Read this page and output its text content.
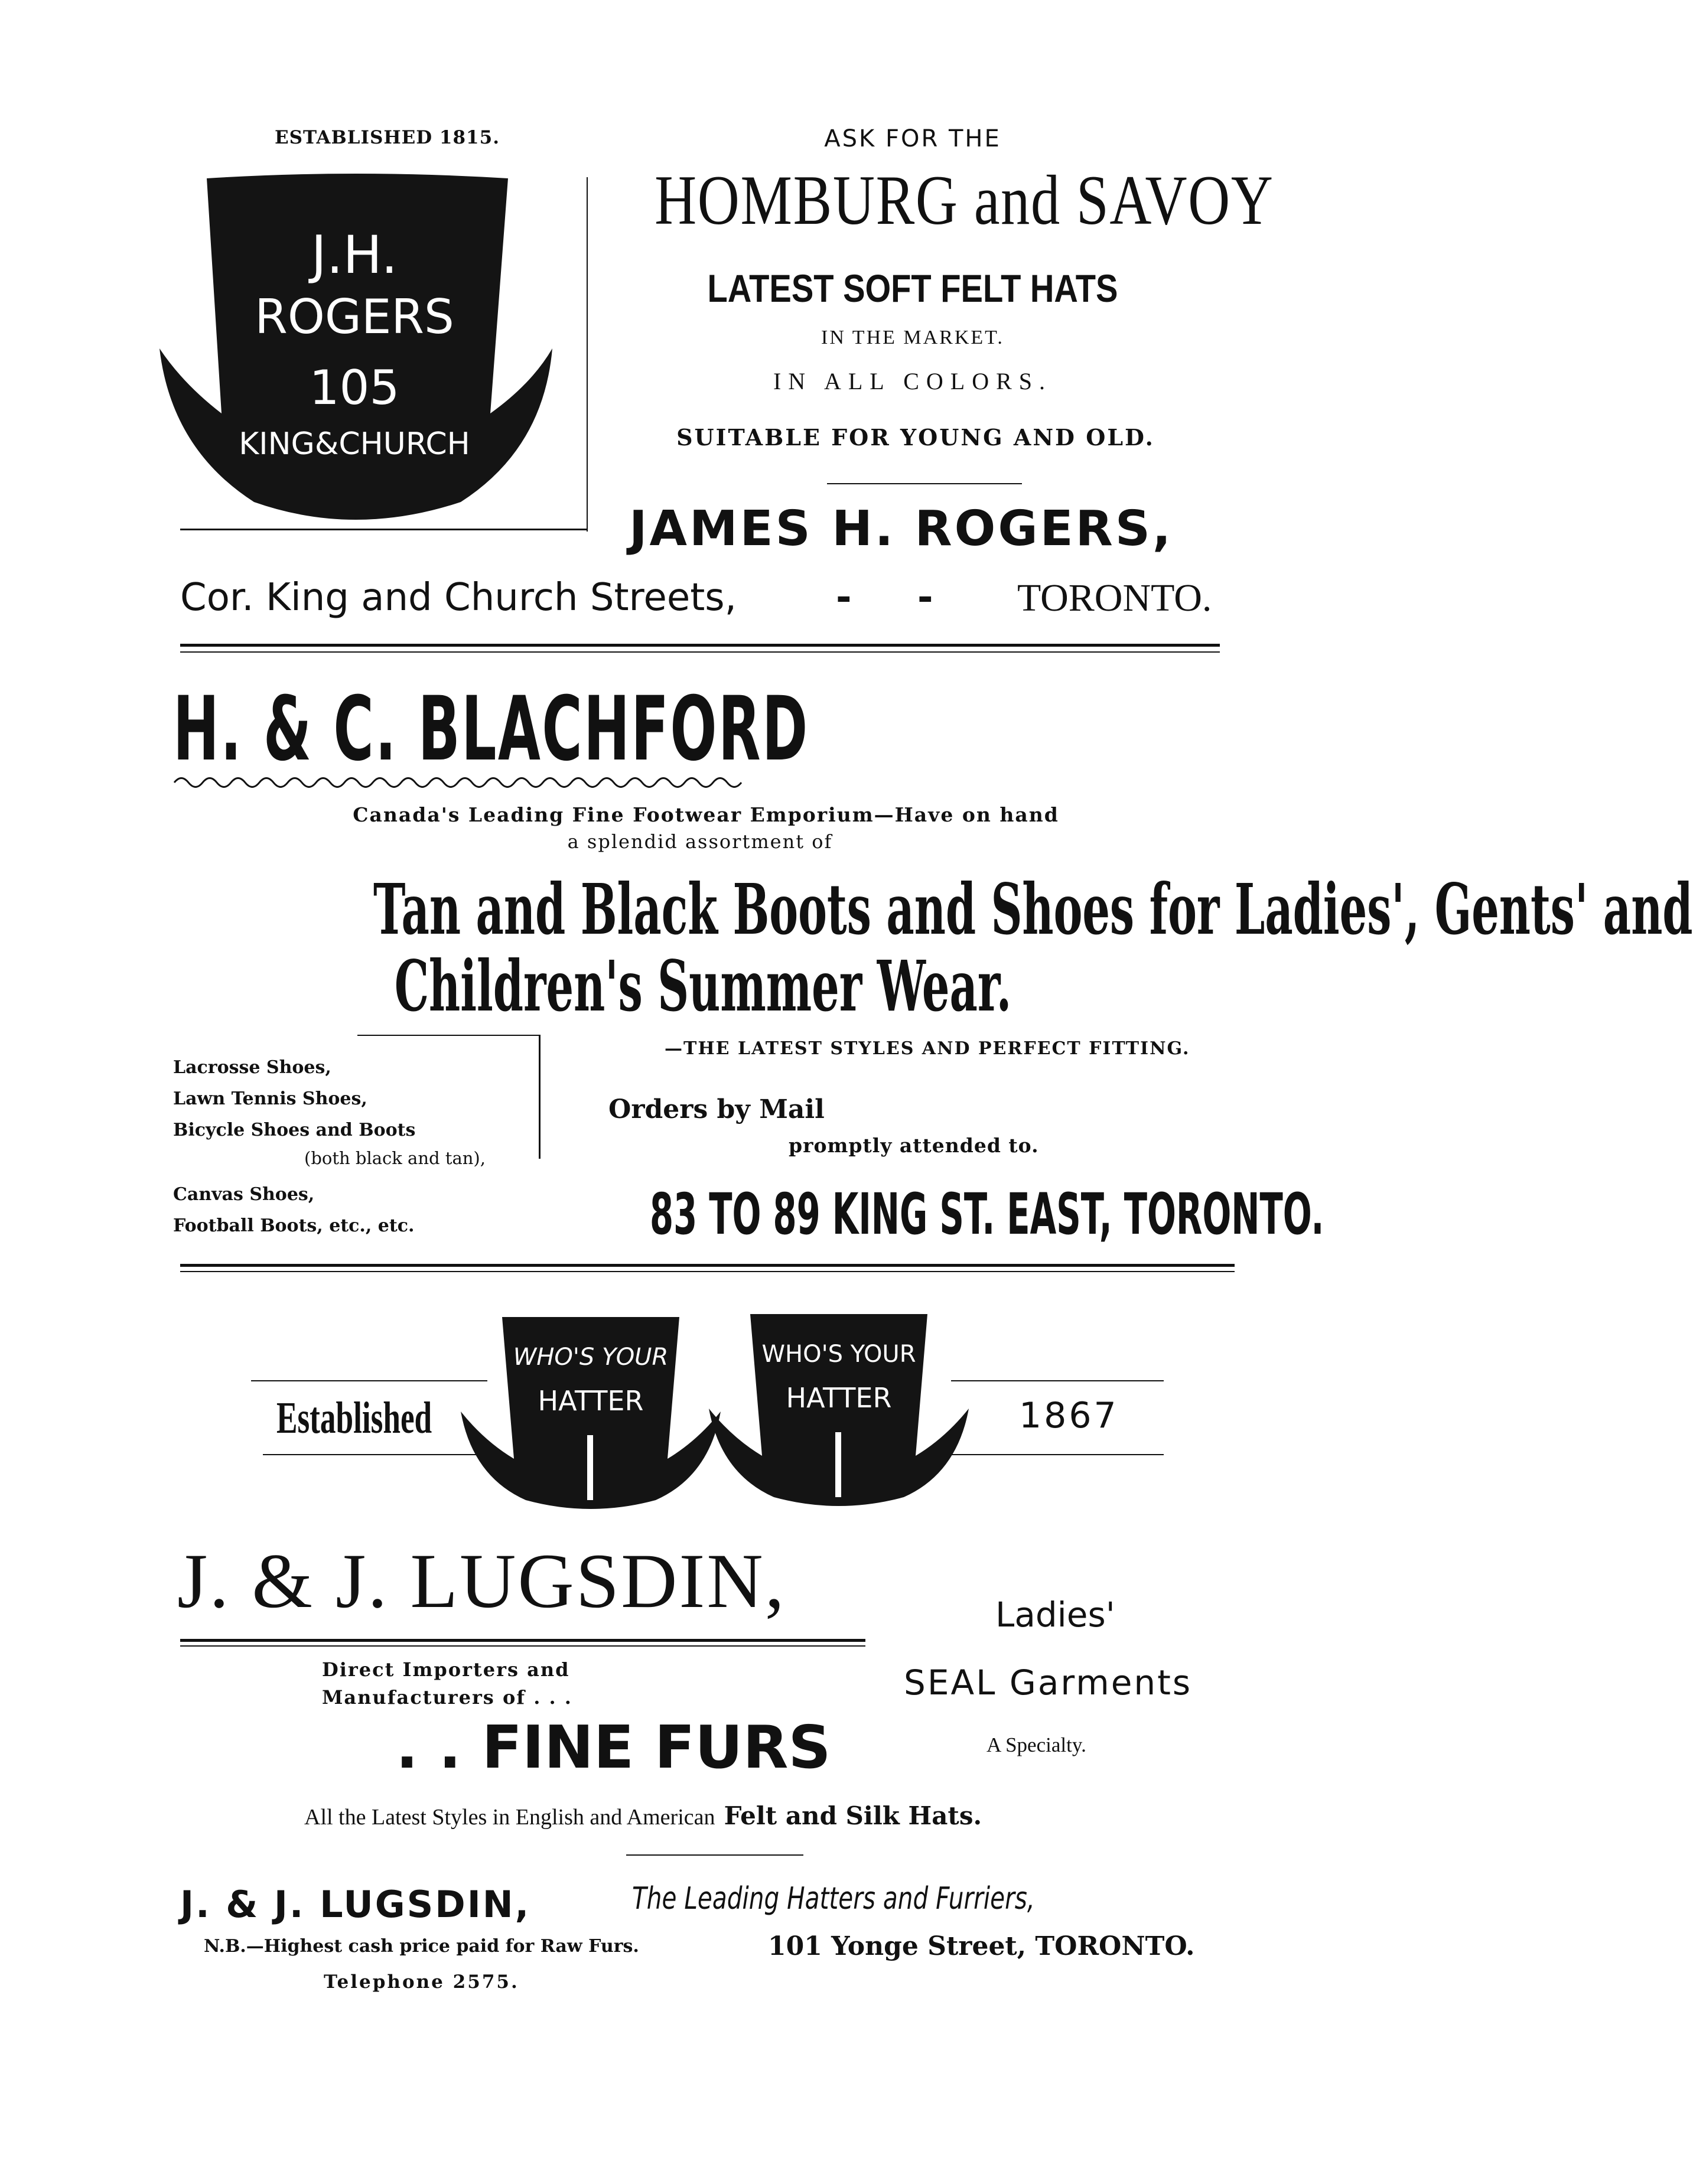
ESTABLISHED 1815.
J.H.
ROGERS
105
KING&CHURCH
ASK FOR THE
HOMBURG and SAVOY
LATEST SOFT FELT HATS
IN THE MARKET.
IN ALL COLORS.
SUITABLE FOR YOUNG AND OLD.
JAMES H. ROGERS,
Cor. King and Church Streets,	-     - TORONTO.
H. & C. BLACHFORD
Canada's Leading Fine Footwear Emporium—Have on hand
a splendid assortment of
Tan and Black Boots and Shoes for Ladies', Gents' and
Children's Summer Wear.
Lacrosse Shoes,
Lawn Tennis Shoes,
Bicycle Shoes and Boots
(both black and tan),
Canvas Shoes,
Football Boots, etc., etc.
—THE LATEST STYLES AND PERFECT FITTING.
Orders by Mail
promptly attended to.
83 TO 89 KING ST. EAST, TORONTO.
Established	1867
WHO'S YOUR
HATTER
WHO'S YOUR
HATTER
J. & J. LUGSDIN,	Ladies'
SEAL Garments
A Specialty.
Direct Importers and
Manufacturers of . . .
. . FINE FURS
All the Latest Styles in English and American Felt and Silk Hats.
J. & J. LUGSDIN,	The Leading Hatters and Furriers,
N.B.—Highest cash price paid for Raw Furs.	101 Yonge Street, TORONTO.
Telephone 2575.
